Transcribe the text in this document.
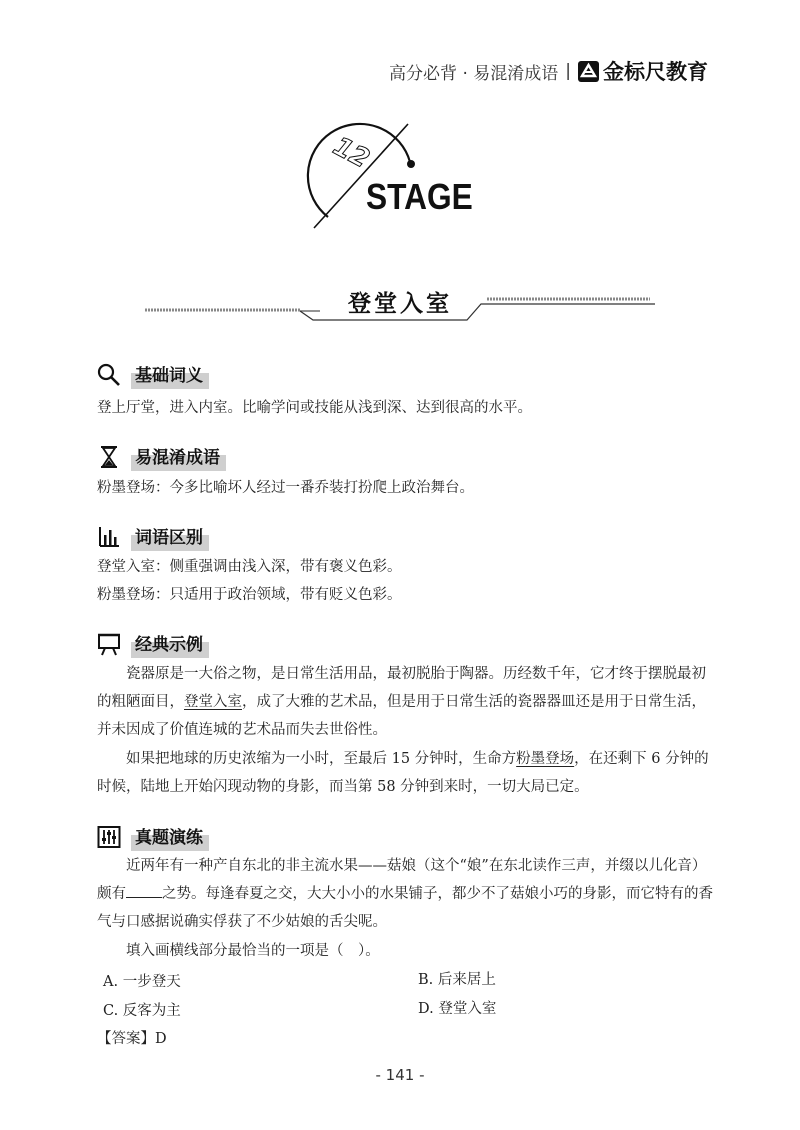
高分必背 · 易混淆成语 | 金标尺教育
12
STAGE
登堂入室
基础词义
登上厅堂，进入内室。比喻学问或技能从浅到深、达到很高的水平。
易混淆成语
粉墨登场：今多比喻坏人经过一番乔装打扮爬上政治舞台。
词语区别
登堂入室：侧重强调由浅入深，带有褒义色彩。
粉墨登场：只适用于政治领域，带有贬义色彩。
经典示例
瓷器原是一大俗之物，是日常生活用品，最初脱胎于陶器。历经数千年，它才终于摆脱最初的粗陋面目，登堂入室，成了大雅的艺术品，但是用于日常生活的瓷器器皿还是用于日常生活，并未因成了价值连城的艺术品而失去世俗性。
如果把地球的历史浓缩为一小时，至最后 15 分钟时，生命方粉墨登场，在还剩下 6 分钟的时候，陆地上开始闪现动物的身影，而当第 58 分钟到来时，一切大局已定。
真题演练
近两年有一种产自东北的非主流水果——菇娘（这个“娘”在东北读作三声，并缀以儿化音）颇有 之势。每逢春夏之交，大大小小的水果铺子，都少不了菇娘小巧的身影，而它特有的香气与口感据说确实俘获了不少姑娘的舌尖呢。
填入画横线部分最恰当的一项是（　）。
A. 一步登天	B. 后来居上
C. 反客为主	D. 登堂入室
【答案】D
- 141 -
